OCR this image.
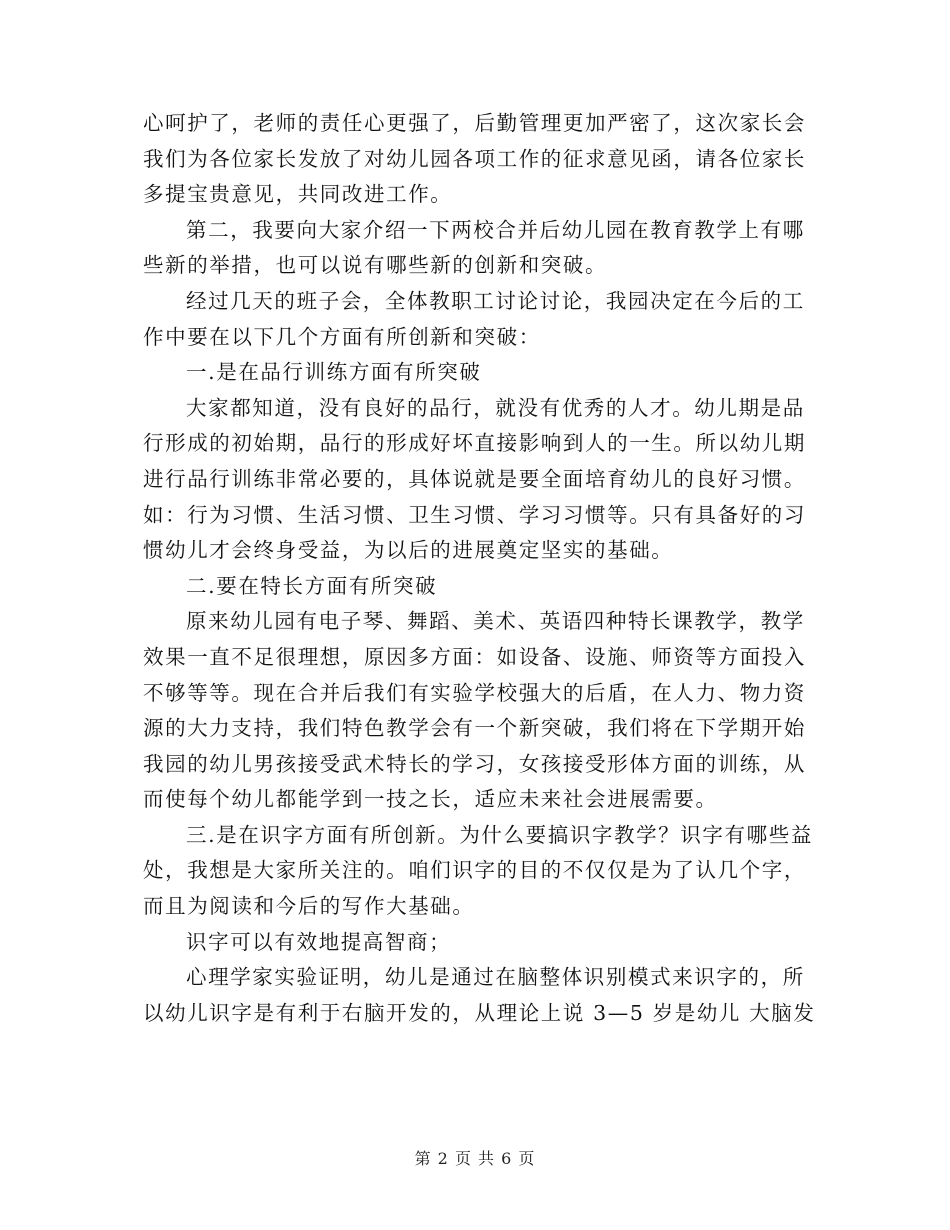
心呵护了，老师的责任心更强了，后勤管理更加严密了，这次家长会
我们为各位家长发放了对幼儿园各项工作的征求意见函，请各位家长
多提宝贵意见，共同改进工作。
第二，我要向大家介绍一下两校合并后幼儿园在教育教学上有哪
些新的举措，也可以说有哪些新的创新和突破。
经过几天的班子会，全体教职工讨论讨论，我园决定在今后的工
作中要在以下几个方面有所创新和突破：
一.是在品行训练方面有所突破
大家都知道，没有良好的品行，就没有优秀的人才。幼儿期是品
行形成的初始期，品行的形成好坏直接影响到人的一生。所以幼儿期
进行品行训练非常必要的，具体说就是要全面培育幼儿的良好习惯。
如：行为习惯、生活习惯、卫生习惯、学习习惯等。只有具备好的习
惯幼儿才会终身受益，为以后的进展奠定坚实的基础。
二.要在特长方面有所突破
原来幼儿园有电子琴、舞蹈、美术、英语四种特长课教学，教学
效果一直不足很理想，原因多方面：如设备、设施、师资等方面投入
不够等等。现在合并后我们有实验学校强大的后盾，在人力、物力资
源的大力支持，我们特色教学会有一个新突破，我们将在下学期开始
我园的幼儿男孩接受武术特长的学习，女孩接受形体方面的训练，从
而使每个幼儿都能学到一技之长，适应未来社会进展需要。
三.是在识字方面有所创新。为什么要搞识字教学？识字有哪些益
处，我想是大家所关注的。咱们识字的目的不仅仅是为了认几个字，
而且为阅读和今后的写作大基础。
识字可以有效地提高智商；
心理学家实验证明，幼儿是通过在脑整体识别模式来识字的，所
以幼儿识字是有利于右脑开发的，从理论上说 3—5 岁是幼儿 大脑发
第 2 页 共 6 页
